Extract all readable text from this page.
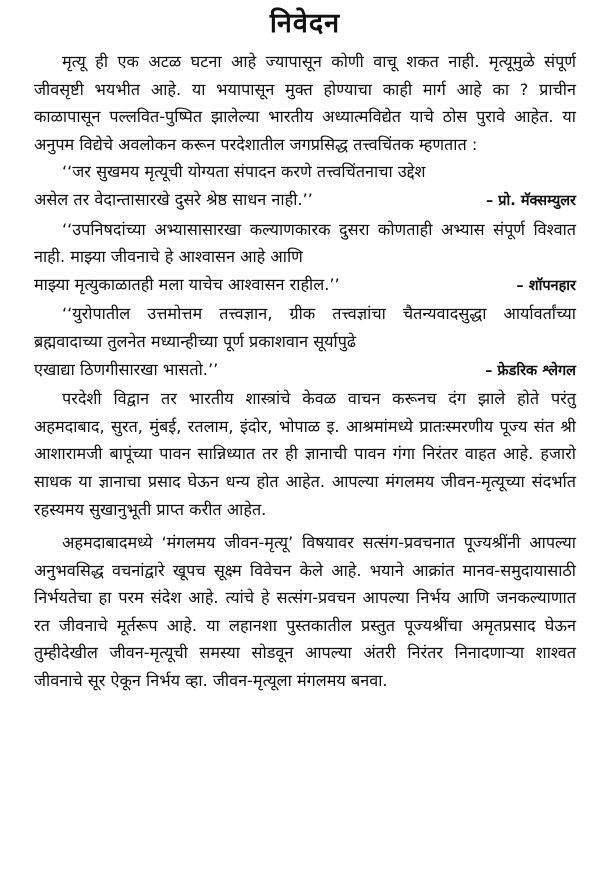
निवेदन

मृत्यू ही एक अटळ घटना आहे ज्यापासून कोणी वाचू शकत नाही. मृत्यूमुळे संपूर्ण जीवसृष्टी भयभीत आहे. या भयापासून मुक्त होण्याचा काही मार्ग आहे का ? प्राचीन काळापासून पल्लवित-पुष्पित झालेल्या भारतीय अध्यात्मविद्येत याचे ठोस पुरावे आहेत. या अनुपम विद्येचे अवलोकन करून परदेशातील जगप्रसिद्ध तत्त्वचिंतक म्हणतात :

‘‘जर सुखमय मृत्यूची योग्यता संपादन करणे तत्त्वचिंतनाचा उद्देश

असेल तर वेदान्तासारखे दुसरे श्रेष्ठ साधन नाही.’’	– प्रो. मॅक्सम्युलर

‘‘उपनिषदांच्या अभ्यासासारखा कल्याणकारक दुसरा कोणताही अभ्यास संपूर्ण विश्वात नाही. माझ्या जीवनाचे हे आश्वासन आहे आणि

माझ्या मृत्युकाळातही मला याचेच आश्वासन राहील.’’	– शॉपनहार

‘‘युरोपातील उत्तमोत्तम तत्त्वज्ञान, ग्रीक तत्त्वज्ञांचा चैतन्यवादसुद्धा आर्यावर्तांच्या ब्रह्मवादाच्या तुलनेत मध्यान्हीच्या पूर्ण प्रकाशवान सूर्यापुढे

एखाद्या ठिणगीसारखा भासतो.’’	– फ्रेडरिक श्लेगल

परदेशी विद्वान तर भारतीय शास्त्रांचे केवळ वाचन करूनच दंग झाले होते परंतु अहमदाबाद, सुरत, मुंबई, रतलाम, इंदोर, भोपाळ इ. आश्रमांमध्ये प्रातःस्मरणीय पूज्य संत श्री आशारामजी बापूंच्या पावन सान्निध्यात तर ही ज्ञानाची पावन गंगा निरंतर वाहत आहे. हजारो साधक या ज्ञानाचा प्रसाद घेऊन धन्य होत आहेत. आपल्या मंगलमय जीवन-मृत्यूच्या संदर्भात रहस्यमय सुखानुभूती प्राप्त करीत आहेत.

अहमदाबादमध्ये ‘मंगलमय जीवन-मृत्यू’ विषयावर सत्संग-प्रवचनात पूज्यश्रींनी आपल्या अनुभवसिद्ध वचनांद्वारे खूपच सूक्ष्म विवेचन केले आहे. भयाने आक्रांत मानव-समुदायासाठी निर्भयतेचा हा परम संदेश आहे. त्यांचे हे सत्संग-प्रवचन आपल्या निर्भय आणि जनकल्याणात रत जीवनाचे मूर्तरूप आहे. या लहानशा पुस्तकातील प्रस्तुत पूज्यश्रींचा अमृतप्रसाद घेऊन तुम्हीदेखील जीवन-मृत्यूची समस्या सोडवून आपल्या अंतरी निरंतर निनादणाऱ्या शाश्वत जीवनाचे सूर ऐकून निर्भय व्हा. जीवन-मृत्यूला मंगलमय बनवा.
